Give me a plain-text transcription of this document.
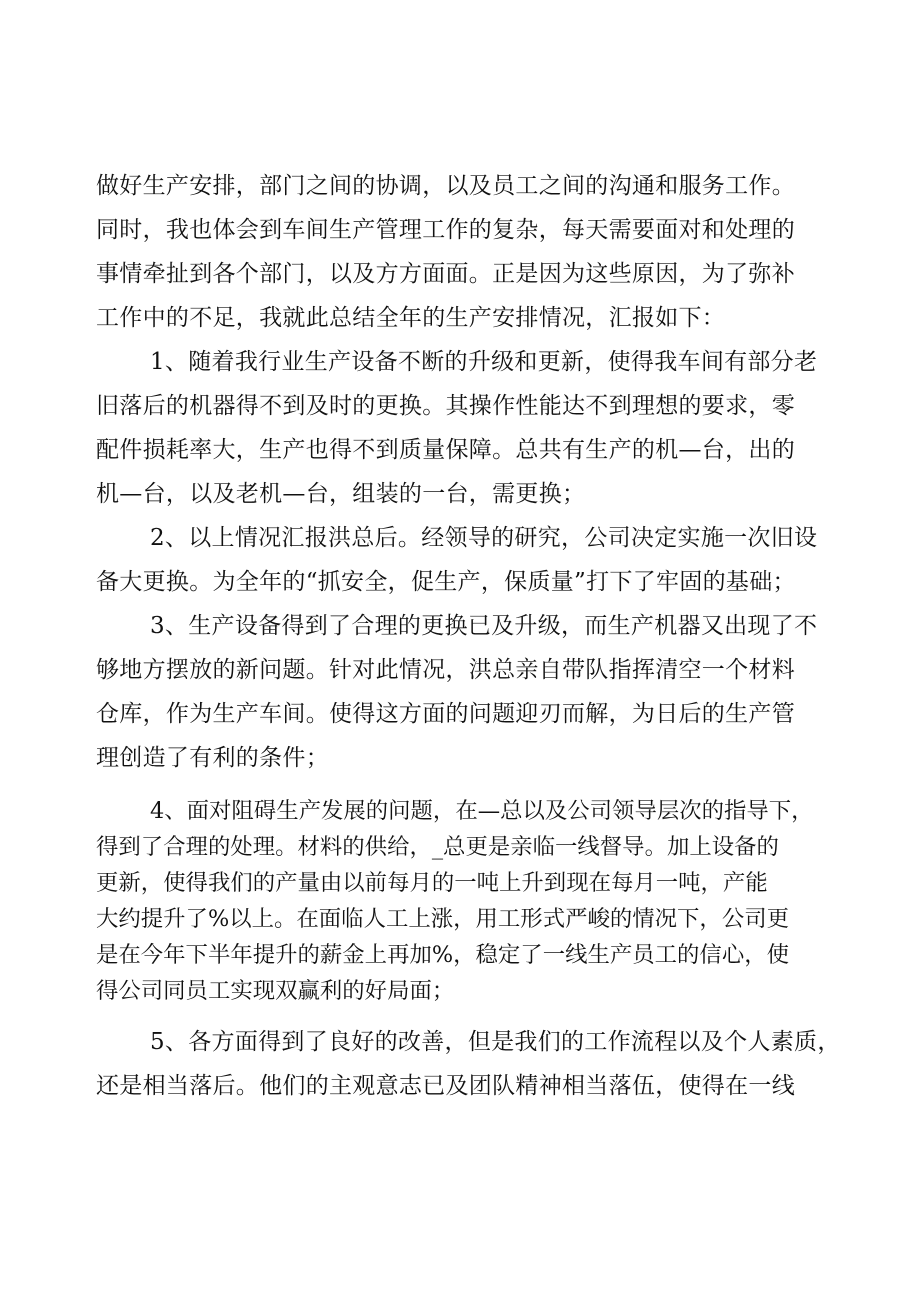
做好生产安排，部门之间的协调，以及员工之间的沟通和服务工作。
同时，我也体会到车间生产管理工作的复杂，每天需要面对和处理的
事情牵扯到各个部门，以及方方面面。正是因为这些原因，为了弥补
工作中的不足，我就此总结全年的生产安排情况，汇报如下：
1、随着我行业生产设备不断的升级和更新，使得我车间有部分老
旧落后的机器得不到及时的更换。其操作性能达不到理想的要求，零
配件损耗率大，生产也得不到质量保障。总共有生产的机—台，出的
机—台，以及老机—台，组装的一台，需更换；
2、以上情况汇报洪总后。经领导的研究，公司决定实施一次旧设
备大更换。为全年的“抓安全，促生产，保质量”打下了牢固的基础；
3、生产设备得到了合理的更换已及升级，而生产机器又出现了不
够地方摆放的新问题。针对此情况，洪总亲自带队指挥清空一个材料
仓库，作为生产车间。使得这方面的问题迎刃而解，为日后的生产管
理创造了有利的条件；
4、面对阻碍生产发展的问题，在—总以及公司领导层次的指导下，
得到了合理的处理。材料的供给，_总更是亲临一线督导。加上设备的
更新，使得我们的产量由以前每月的一吨上升到现在每月一吨，产能
大约提升了%以上。在面临人工上涨，用工形式严峻的情况下，公司更
是在今年下半年提升的薪金上再加%，稳定了一线生产员工的信心，使
得公司同员工实现双赢利的好局面；
5、各方面得到了良好的改善，但是我们的工作流程以及个人素质，
还是相当落后。他们的主观意志已及团队精神相当落伍，使得在一线
